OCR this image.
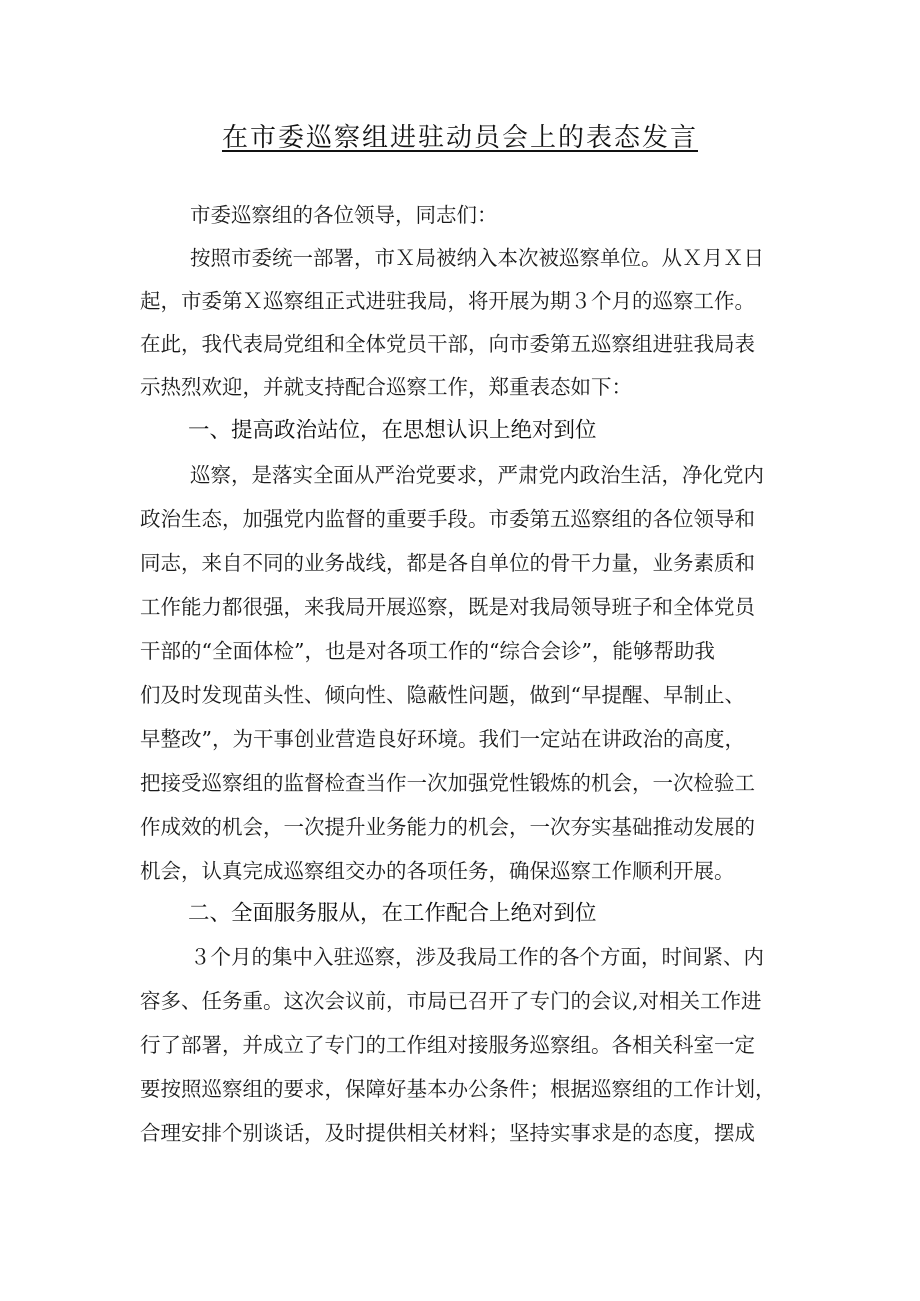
在市委巡察组进驻动员会上的表态发言
市委巡察组的各位领导，同志们：
按照市委统一部署，市Ｘ局被纳入本次被巡察单位。从Ｘ月Ｘ日
起，市委第Ｘ巡察组正式进驻我局，将开展为期３个月的巡察工作。
在此，我代表局党组和全体党员干部，向市委第五巡察组进驻我局表
示热烈欢迎，并就支持配合巡察工作，郑重表态如下：
一、提高政治站位，在思想认识上绝对到位
巡察，是落实全面从严治党要求，严肃党内政治生活，净化党内
政治生态，加强党内监督的重要手段。市委第五巡察组的各位领导和
同志，来自不同的业务战线，都是各自单位的骨干力量，业务素质和
工作能力都很强，来我局开展巡察，既是对我局领导班子和全体党员
干部的“全面体检”，也是对各项工作的“综合会诊”，能够帮助我
们及时发现苗头性、倾向性、隐蔽性问题，做到“早提醒、早制止、
早整改”，为干事创业营造良好环境。我们一定站在讲政治的高度，
把接受巡察组的监督检查当作一次加强党性锻炼的机会，一次检验工
作成效的机会，一次提升业务能力的机会，一次夯实基础推动发展的
机会，认真完成巡察组交办的各项任务，确保巡察工作顺利开展。
二、全面服务服从，在工作配合上绝对到位
３个月的集中入驻巡察，涉及我局工作的各个方面，时间紧、内
容多、任务重。这次会议前，市局已召开了专门的会议,对相关工作进
行了部署，并成立了专门的工作组对接服务巡察组。各相关科室一定
要按照巡察组的要求，保障好基本办公条件；根据巡察组的工作计划，
合理安排个别谈话，及时提供相关材料；坚持实事求是的态度，摆成
